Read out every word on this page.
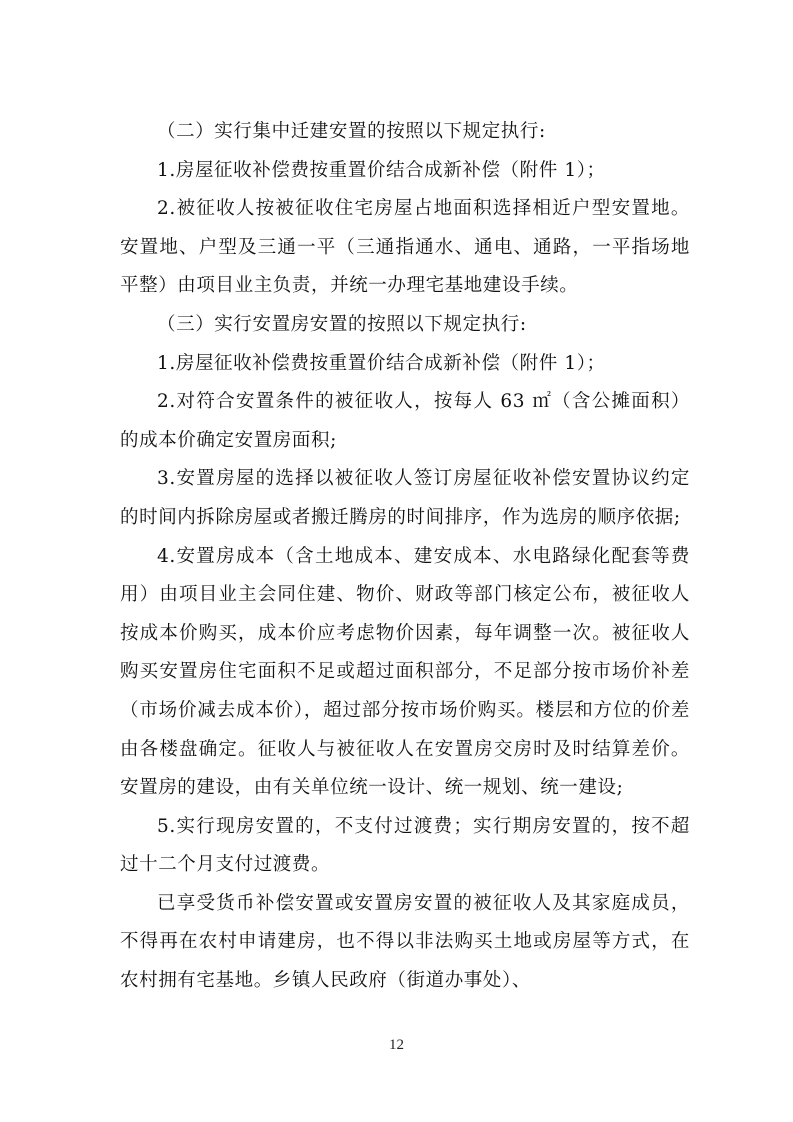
（二）实行集中迁建安置的按照以下规定执行:

1.房屋征收补偿费按重置价结合成新补偿（附件 1）；

2.被征收人按被征收住宅房屋占地面积选择相近户型安置地。安置地、户型及三通一平（三通指通水、通电、通路，一平指场地平整）由项目业主负责，并统一办理宅基地建设手续。

（三）实行安置房安置的按照以下规定执行:

1.房屋征收补偿费按重置价结合成新补偿（附件 1）；

2.对符合安置条件的被征收人，按每人 63 ㎡（含公摊面积）的成本价确定安置房面积;

3.安置房屋的选择以被征收人签订房屋征收补偿安置协议约定的时间内拆除房屋或者搬迁腾房的时间排序，作为选房的顺序依据;

4.安置房成本（含土地成本、建安成本、水电路绿化配套等费用）由项目业主会同住建、物价、财政等部门核定公布，被征收人按成本价购买，成本价应考虑物价因素，每年调整一次。被征收人购买安置房住宅面积不足或超过面积部分，不足部分按市场价补差（市场价减去成本价），超过部分按市场价购买。楼层和方位的价差由各楼盘确定。征收人与被征收人在安置房交房时及时结算差价。安置房的建设，由有关单位统一设计、统一规划、统一建设;

5.实行现房安置的，不支付过渡费；实行期房安置的，按不超过十二个月支付过渡费。

已享受货币补偿安置或安置房安置的被征收人及其家庭成员，不得再在农村申请建房，也不得以非法购买土地或房屋等方式，在农村拥有宅基地。乡镇人民政府（街道办事处）、

12
